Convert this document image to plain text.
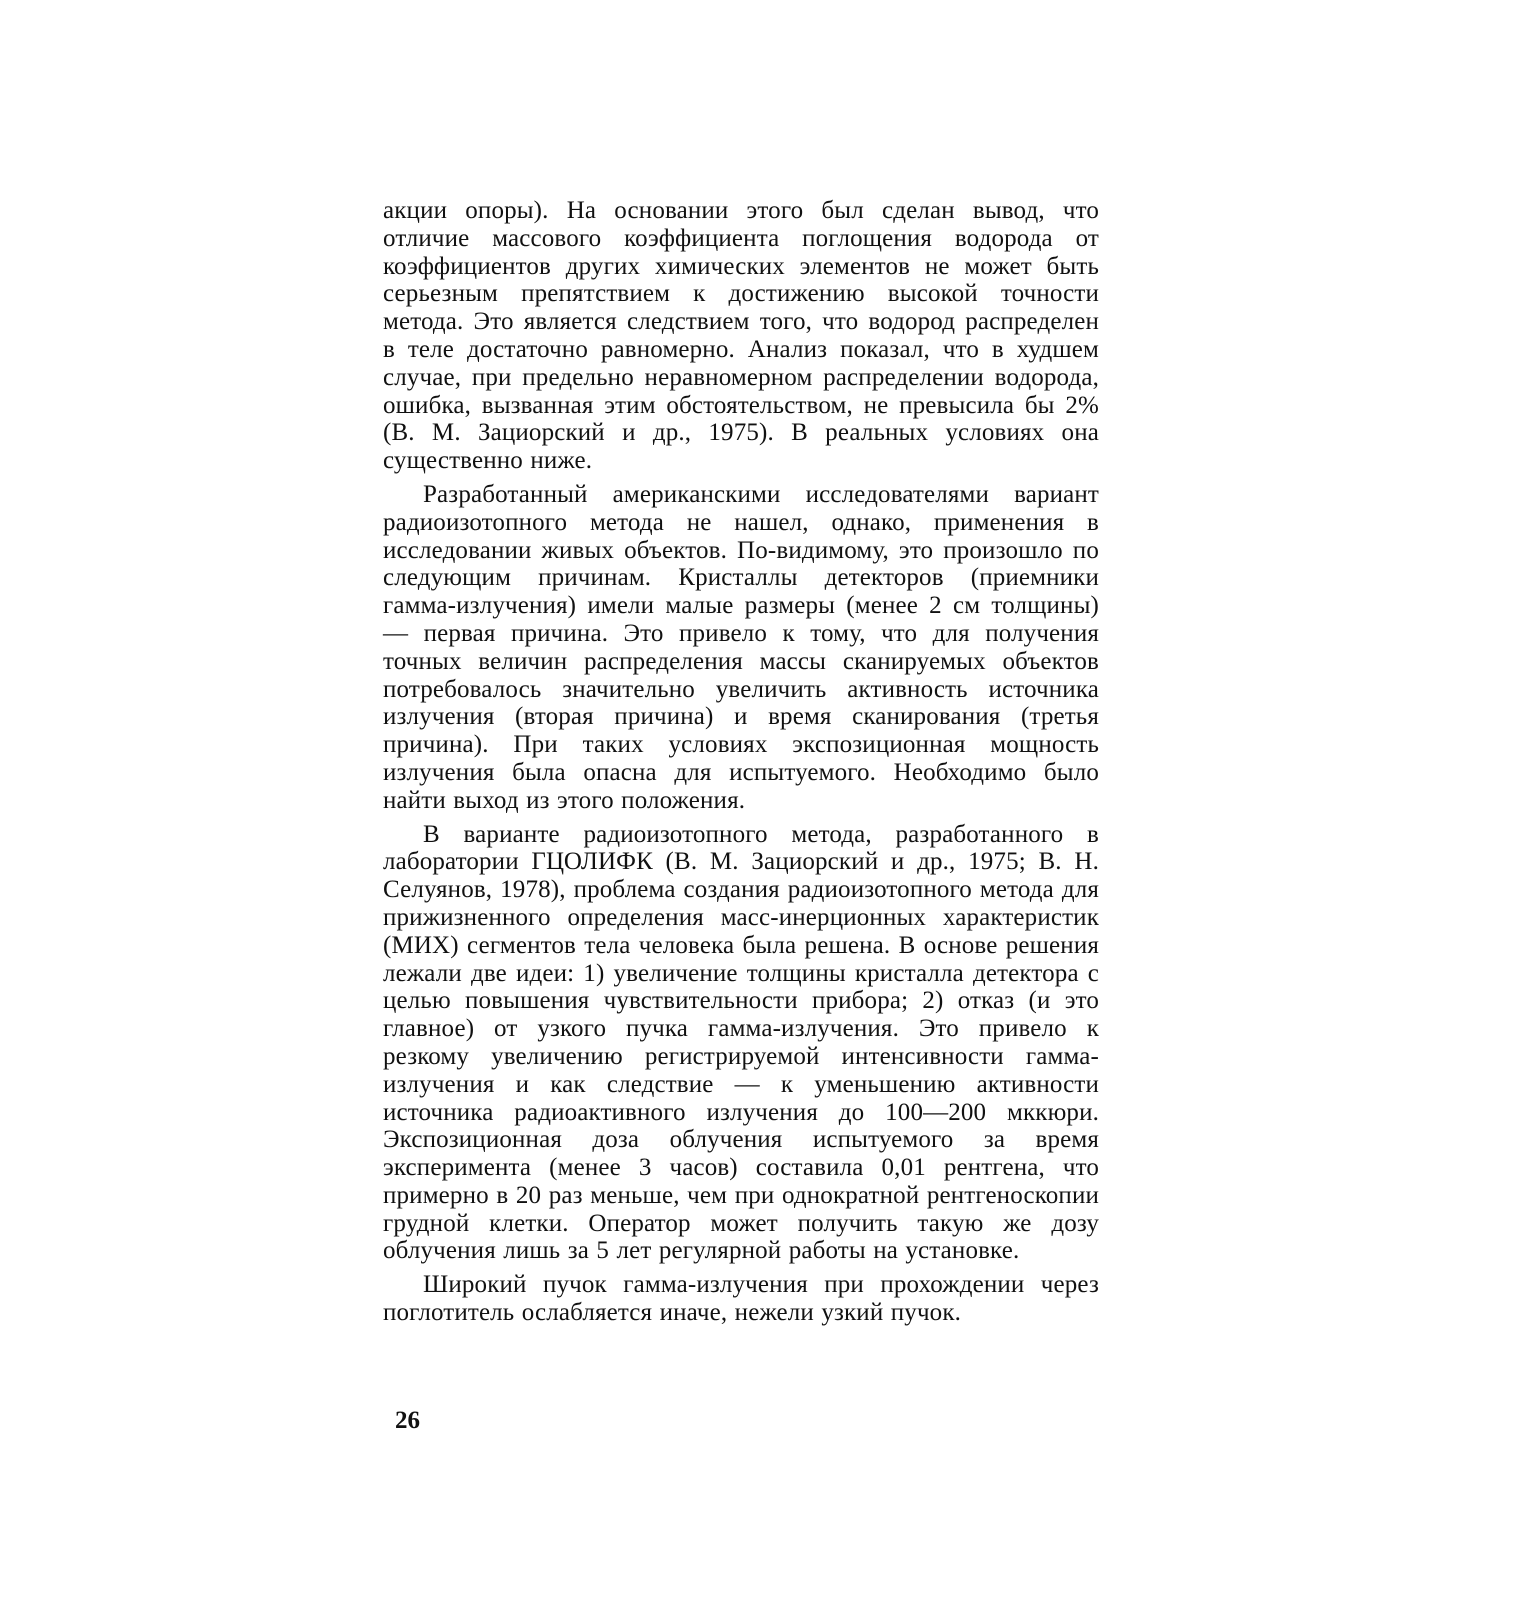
акции опоры). На основании этого был сделан вывод, что отличие массового коэффициента поглощения водорода от коэффициентов других химических элементов не может быть серьезным препятствием к достижению высокой точности метода. Это является следствием того, что водород распределен в теле достаточно равномерно. Анализ показал, что в худшем случае, при предельно неравномерном распределении водорода, ошибка, вызванная этим обстоятельством, не превысила бы 2% (В. М. Зациорский и др., 1975). В реальных условиях она существенно ниже.

Разработанный американскими исследователями вариант радиоизотопного метода не нашел, однако, применения в исследовании живых объектов. По-видимому, это произошло по следующим причинам. Кристаллы детекторов (приемники гамма-излучения) имели малые размеры (менее 2 см толщины) — первая причина. Это привело к тому, что для получения точных величин распределения массы сканируемых объектов потребовалось значительно увеличить активность источника излучения (вторая причина) и время сканирования (третья причина). При таких условиях экспозиционная мощность излучения была опасна для испытуемого. Необходимо было найти выход из этого положения.

В варианте радиоизотопного метода, разработанного в лаборатории ГЦОЛИФК (В. М. Зациорский и др., 1975; В. Н. Селуянов, 1978), проблема создания радиоизотопного метода для прижизненного определения масс-инерционных характеристик (МИХ) сегментов тела человека была решена. В основе решения лежали две идеи: 1) увеличение толщины кристалла детектора с целью повышения чувствительности прибора; 2) отказ (и это главное) от узкого пучка гамма-излучения. Это привело к резкому увеличению регистрируемой интенсивности гамма-излучения и как следствие — к уменьшению активности источника радиоактивного излучения до 100—200 мккюри. Экспозиционная доза облучения испытуемого за время эксперимента (менее 3 часов) составила 0,01 рентгена, что примерно в 20 раз меньше, чем при однократной рентгеноскопии грудной клетки. Оператор может получить такую же дозу облучения лишь за 5 лет регулярной работы на установке.

Широкий пучок гамма-излучения при прохождении через поглотитель ослабляется иначе, нежели узкий пучок.

26
